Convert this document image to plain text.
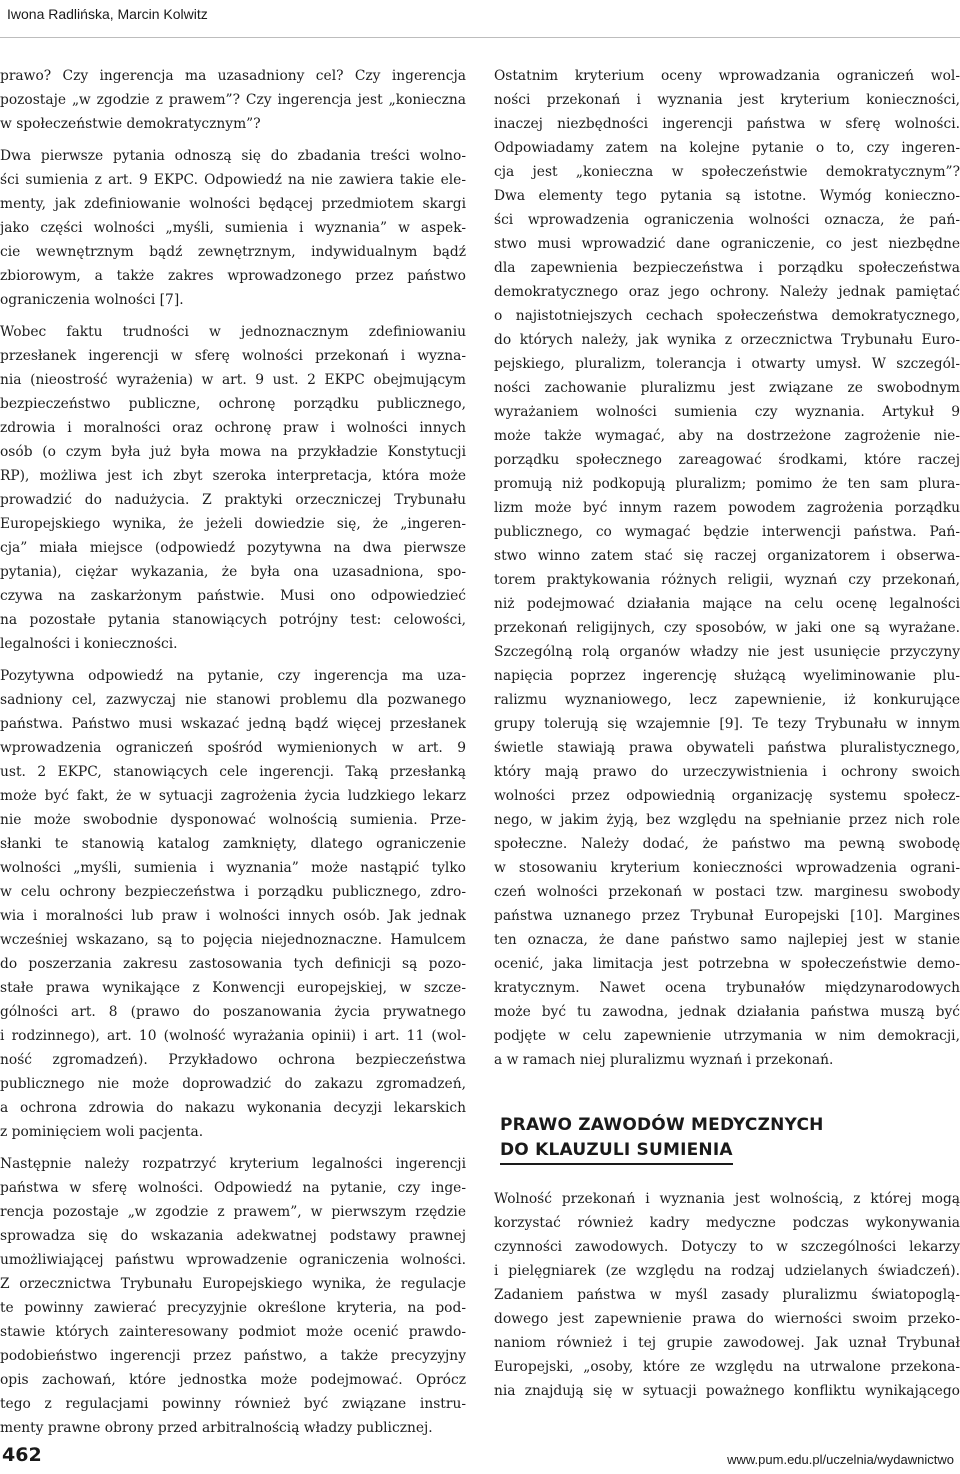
Iwona Radlińska, Marcin Kolwitz
prawo? Czy ingerencja ma uzasadniony cel? Czy ingerencja
pozostaje „w zgodzie z prawem”? Czy ingerencja jest „konieczna
w społeczeństwie demokratycznym”?
Dwa pierwsze pytania odnoszą się do zbadania treści wolno-
ści sumienia z art. 9 EKPC. Odpowiedź na nie zawiera takie ele-
menty, jak zdefiniowanie wolności będącej przedmiotem skargi
jako części wolności „myśli, sumienia i wyznania” w aspek-
cie wewnętrznym bądź zewnętrznym, indywidualnym bądź
zbiorowym, a także zakres wprowadzonego przez państwo
ograniczenia wolności [7].
Wobec faktu trudności w jednoznacznym zdefiniowaniu
przesłanek ingerencji w sferę wolności przekonań i wyzna-
nia (nieostrość wyrażenia) w art. 9 ust. 2 EKPC obejmującym
bezpieczeństwo publiczne, ochronę porządku publicznego,
zdrowia i moralności oraz ochronę praw i wolności innych
osób (o czym była już była mowa na przykładzie Konstytucji
RP), możliwa jest ich zbyt szeroka interpretacja, która może
prowadzić do nadużycia. Z praktyki orzeczniczej Trybunału
Europejskiego wynika, że jeżeli dowiedzie się, że „ingeren-
cja” miała miejsce (odpowiedź pozytywna na dwa pierwsze
pytania), ciężar wykazania, że była ona uzasadniona, spo-
czywa na zaskarżonym państwie. Musi ono odpowiedzieć
na pozostałe pytania stanowiących potrójny test: celowości,
legalności i konieczności.
Pozytywna odpowiedź na pytanie, czy ingerencja ma uza-
sadniony cel, zazwyczaj nie stanowi problemu dla pozwanego
państwa. Państwo musi wskazać jedną bądź więcej przesłanek
wprowadzenia ograniczeń spośród wymienionych w art. 9
ust. 2 EKPC, stanowiących cele ingerencji. Taką przesłanką
może być fakt, że w sytuacji zagrożenia życia ludzkiego lekarz
nie może swobodnie dysponować wolnością sumienia. Prze-
słanki te stanowią katalog zamknięty, dlatego ograniczenie
wolności „myśli, sumienia i wyznania” może nastąpić tylko
w celu ochrony bezpieczeństwa i porządku publicznego, zdro-
wia i moralności lub praw i wolności innych osób. Jak jednak
wcześniej wskazano, są to pojęcia niejednoznaczne. Hamulcem
do poszerzania zakresu zastosowania tych definicji są pozo-
stałe prawa wynikające z Konwencji europejskiej, w szcze-
gólności art. 8 (prawo do poszanowania życia prywatnego
i rodzinnego), art. 10 (wolność wyrażania opinii) i art. 11 (wol-
ność zgromadzeń). Przykładowo ochrona bezpieczeństwa
publicznego nie może doprowadzić do zakazu zgromadzeń,
a ochrona zdrowia do nakazu wykonania decyzji lekarskich
z pominięciem woli pacjenta.
Następnie należy rozpatrzyć kryterium legalności ingerencji
państwa w sferę wolności. Odpowiedź na pytanie, czy inge-
rencja pozostaje „w zgodzie z prawem”, w pierwszym rzędzie
sprowadza się do wskazania adekwatnej podstawy prawnej
umożliwiającej państwu wprowadzenie ograniczenia wolności.
Z orzecznictwa Trybunału Europejskiego wynika, że regulacje
te powinny zawierać precyzyjnie określone kryteria, na pod-
stawie których zainteresowany podmiot może ocenić prawdo-
podobieństwo ingerencji przez państwo, a także precyzyjny
opis zachowań, które jednostka może podejmować. Oprócz
tego z regulacjami powinny również być związane instru-
menty prawne obrony przed arbitralnością władzy publicznej.
Ostatnim kryterium oceny wprowadzania ograniczeń wol-
ności przekonań i wyznania jest kryterium konieczności,
inaczej niezbędności ingerencji państwa w sferę wolności.
Odpowiadamy zatem na kolejne pytanie o to, czy ingeren-
cja jest „konieczna w społeczeństwie demokratycznym”?
Dwa elementy tego pytania są istotne. Wymóg konieczno-
ści wprowadzenia ograniczenia wolności oznacza, że pań-
stwo musi wprowadzić dane ograniczenie, co jest niezbędne
dla zapewnienia bezpieczeństwa i porządku społeczeństwa
demokratycznego oraz jego ochrony. Należy jednak pamiętać
o najistotniejszych cechach społeczeństwa demokratycznego,
do których należy, jak wynika z orzecznictwa Trybunału Euro-
pejskiego, pluralizm, tolerancja i otwarty umysł. W szczegól-
ności zachowanie pluralizmu jest związane ze swobodnym
wyrażaniem wolności sumienia czy wyznania. Artykuł 9
może także wymagać, aby na dostrzeżone zagrożenie nie-
porządku społecznego zareagować środkami, które raczej
promują niż podkopują pluralizm; pomimo że ten sam plura-
lizm może być innym razem powodem zagrożenia porządku
publicznego, co wymagać będzie interwencji państwa. Pań-
stwo winno zatem stać się raczej organizatorem i obserwa-
torem praktykowania różnych religii, wyznań czy przekonań,
niż podejmować działania mające na celu ocenę legalności
przekonań religijnych, czy sposobów, w jaki one są wyrażane.
Szczególną rolą organów władzy nie jest usunięcie przyczyny
napięcia poprzez ingerencję służącą wyeliminowanie plu-
ralizmu wyznaniowego, lecz zapewnienie, iż konkurujące
grupy tolerują się wzajemnie [9]. Te tezy Trybunału w innym
świetle stawiają prawa obywateli państwa pluralistycznego,
który mają prawo do urzeczywistnienia i ochrony swoich
wolności przez odpowiednią organizację systemu społecz-
nego, w jakim żyją, bez względu na spełnianie przez nich role
społeczne. Należy dodać, że państwo ma pewną swobodę
w stosowaniu kryterium konieczności wprowadzenia ograni-
czeń wolności przekonań w postaci tzw. marginesu swobody
państwa uznanego przez Trybunał Europejski [10]. Margines
ten oznacza, że dane państwo samo najlepiej jest w stanie
ocenić, jaka limitacja jest potrzebna w społeczeństwie demo-
kratycznym. Nawet ocena trybunałów międzynarodowych
może być tu zawodna, jednak działania państwa muszą być
podjęte w celu zapewnienie utrzymania w nim demokracji,
a w ramach niej pluralizmu wyznań i przekonań.
PRAWO ZAWODÓW MEDYCZNYCH
DO KLAUZULI SUMIENIA
Wolność przekonań i wyznania jest wolnością, z której mogą
korzystać również kadry medyczne podczas wykonywania
czynności zawodowych. Dotyczy to w szczególności lekarzy
i pielęgniarek (ze względu na rodzaj udzielanych świadczeń).
Zadaniem państwa w myśl zasady pluralizmu światopoglą-
dowego jest zapewnienie prawa do wierności swoim przeko-
naniom również i tej grupie zawodowej. Jak uznał Trybunał
Europejski, „osoby, które ze względu na utrwalone przekona-
nia znajdują się w sytuacji poważnego konfliktu wynikającego
462	www.pum.edu.pl/uczelnia/wydawnictwo
